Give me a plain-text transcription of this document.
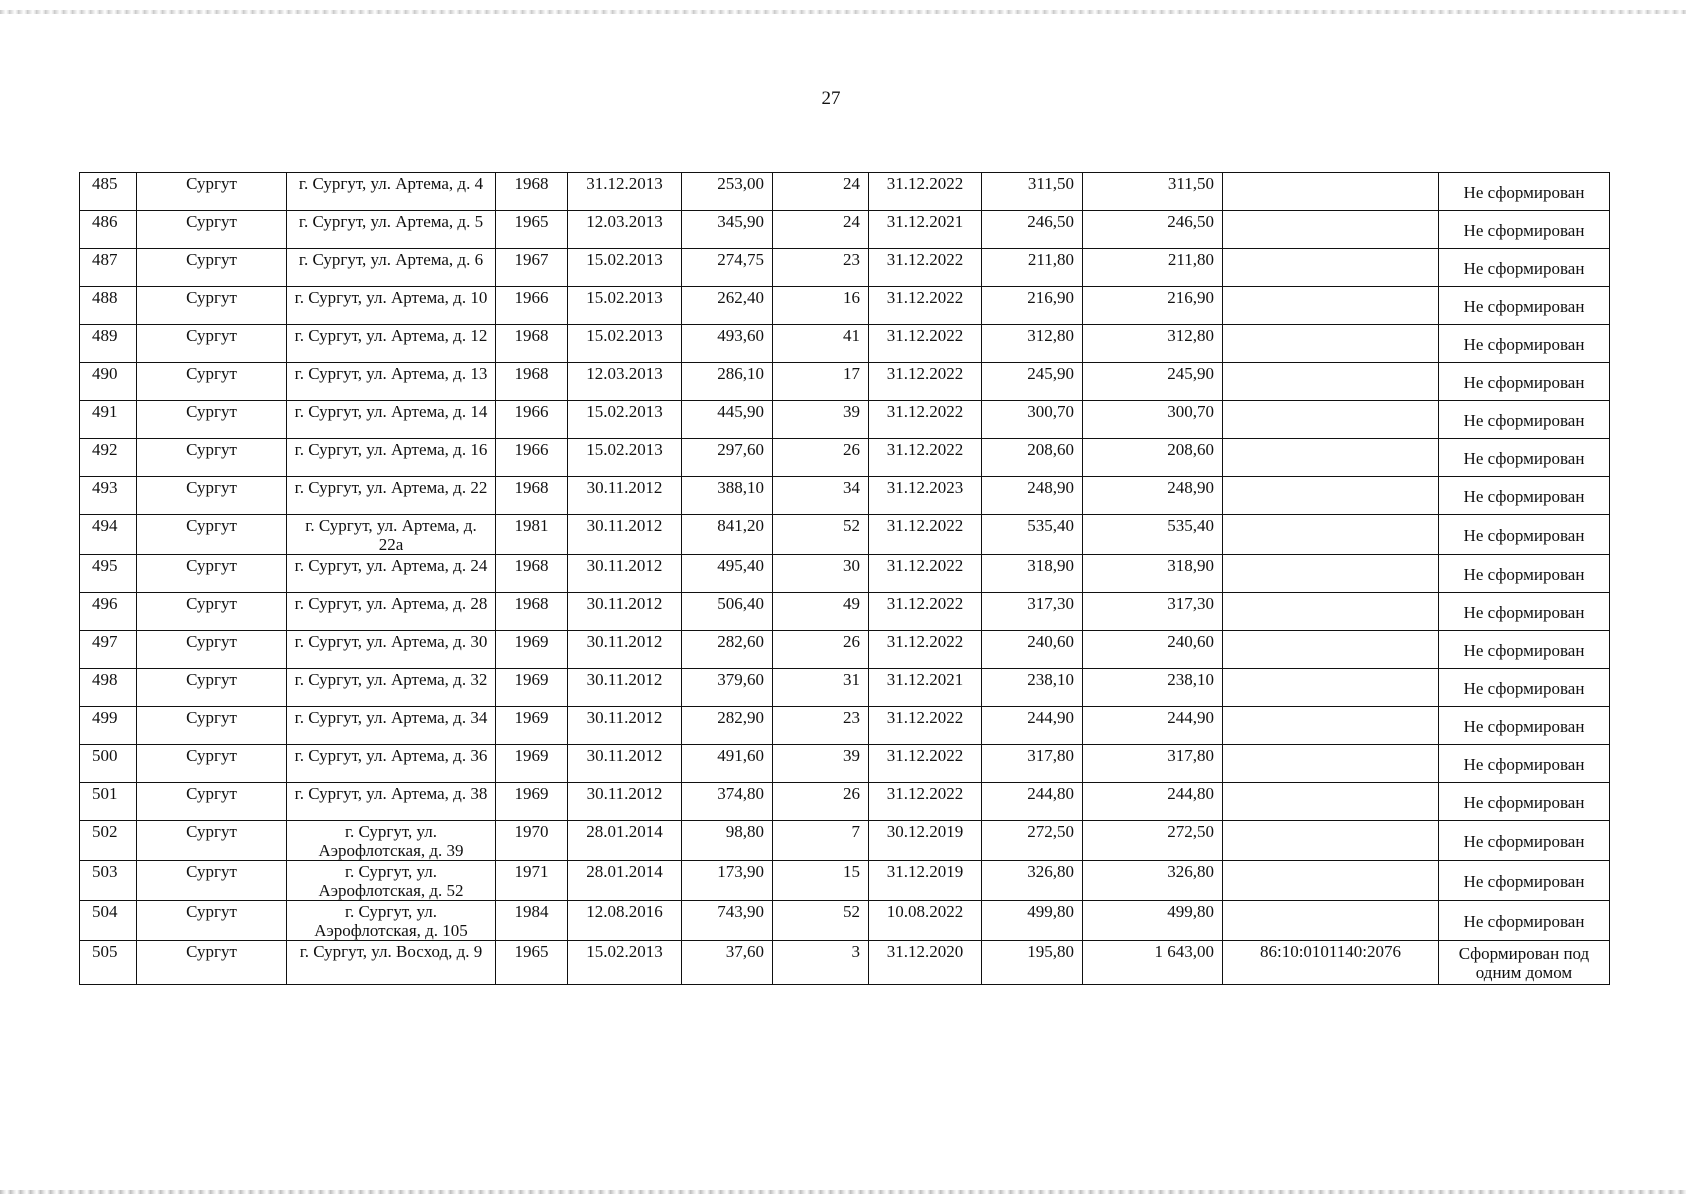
27
485	Сургут	г. Сургут, ул. Артема, д. 4	1968	31.12.2013	253,00	24	31.12.2022	311,50	311,50		Не сформирован
486	Сургут	г. Сургут, ул. Артема, д. 5	1965	12.03.2013	345,90	24	31.12.2021	246,50	246,50		Не сформирован
487	Сургут	г. Сургут, ул. Артема, д. 6	1967	15.02.2013	274,75	23	31.12.2022	211,80	211,80		Не сформирован
488	Сургут	г. Сургут, ул. Артема, д. 10	1966	15.02.2013	262,40	16	31.12.2022	216,90	216,90		Не сформирован
489	Сургут	г. Сургут, ул. Артема, д. 12	1968	15.02.2013	493,60	41	31.12.2022	312,80	312,80		Не сформирован
490	Сургут	г. Сургут, ул. Артема, д. 13	1968	12.03.2013	286,10	17	31.12.2022	245,90	245,90		Не сформирован
491	Сургут	г. Сургут, ул. Артема, д. 14	1966	15.02.2013	445,90	39	31.12.2022	300,70	300,70		Не сформирован
492	Сургут	г. Сургут, ул. Артема, д. 16	1966	15.02.2013	297,60	26	31.12.2022	208,60	208,60		Не сформирован
493	Сургут	г. Сургут, ул. Артема, д. 22	1968	30.11.2012	388,10	34	31.12.2023	248,90	248,90		Не сформирован
494	Сургут	г. Сургут, ул. Артема, д. 22а	1981	30.11.2012	841,20	52	31.12.2022	535,40	535,40		Не сформирован
495	Сургут	г. Сургут, ул. Артема, д. 24	1968	30.11.2012	495,40	30	31.12.2022	318,90	318,90		Не сформирован
496	Сургут	г. Сургут, ул. Артема, д. 28	1968	30.11.2012	506,40	49	31.12.2022	317,30	317,30		Не сформирован
497	Сургут	г. Сургут, ул. Артема, д. 30	1969	30.11.2012	282,60	26	31.12.2022	240,60	240,60		Не сформирован
498	Сургут	г. Сургут, ул. Артема, д. 32	1969	30.11.2012	379,60	31	31.12.2021	238,10	238,10		Не сформирован
499	Сургут	г. Сургут, ул. Артема, д. 34	1969	30.11.2012	282,90	23	31.12.2022	244,90	244,90		Не сформирован
500	Сургут	г. Сургут, ул. Артема, д. 36	1969	30.11.2012	491,60	39	31.12.2022	317,80	317,80		Не сформирован
501	Сургут	г. Сургут, ул. Артема, д. 38	1969	30.11.2012	374,80	26	31.12.2022	244,80	244,80		Не сформирован
502	Сургут	г. Сургут, ул. Аэрофлотская, д. 39	1970	28.01.2014	98,80	7	30.12.2019	272,50	272,50		Не сформирован
503	Сургут	г. Сургут, ул. Аэрофлотская, д. 52	1971	28.01.2014	173,90	15	31.12.2019	326,80	326,80		Не сформирован
504	Сургут	г. Сургут, ул. Аэрофлотская, д. 105	1984	12.08.2016	743,90	52	10.08.2022	499,80	499,80		Не сформирован
505	Сургут	г. Сургут, ул. Восход, д. 9	1965	15.02.2013	37,60	3	31.12.2020	195,80	1 643,00	86:10:0101140:2076	Сформирован под одним домом
